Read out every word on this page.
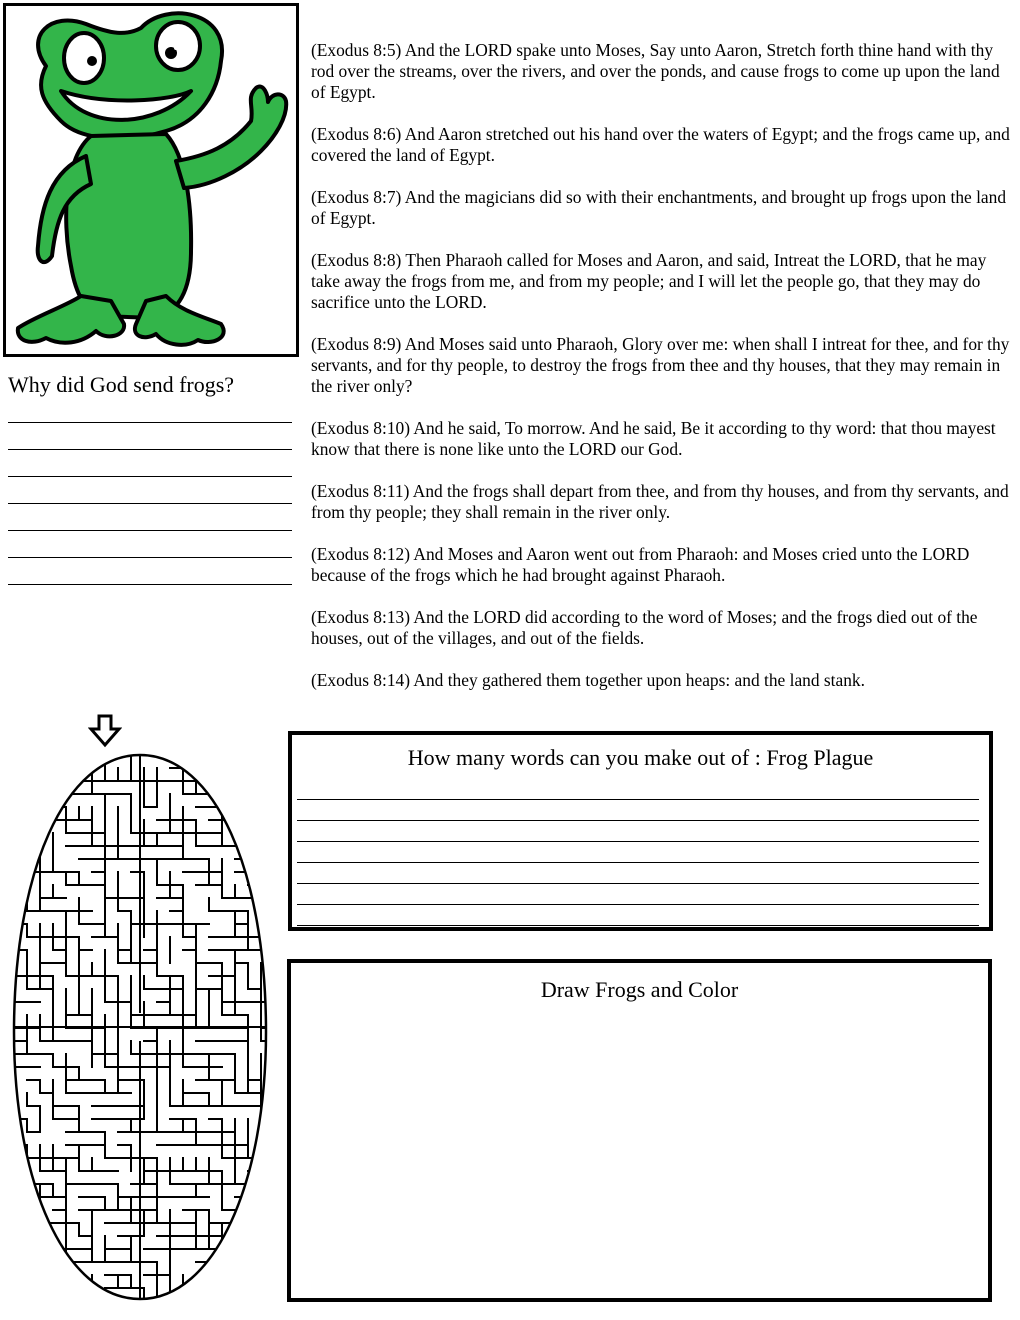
Why did God send frogs?

(Exodus 8:5) And the LORD spake unto Moses, Say unto Aaron, Stretch forth thine hand with thy rod over the streams, over the rivers, and over the ponds, and cause frogs to come up upon the land of Egypt.

(Exodus 8:6) And Aaron stretched out his hand over the waters of Egypt; and the frogs came up, and covered the land of Egypt.

(Exodus 8:7) And the magicians did so with their enchantments, and brought up frogs upon the land of Egypt.

(Exodus 8:8) Then Pharaoh called for Moses and Aaron, and said, Intreat the LORD, that he may take away the frogs from me, and from my people; and I will let the people go, that they may do sacrifice unto the LORD.

(Exodus 8:9) And Moses said unto Pharaoh, Glory over me: when shall I intreat for thee, and for thy servants, and for thy people, to destroy the frogs from thee and thy houses, that they may remain in the river only?

(Exodus 8:10) And he said, To morrow. And he said, Be it according to thy word: that thou mayest know that there is none like unto the LORD our God.

(Exodus 8:11) And the frogs shall depart from thee, and from thy houses, and from thy servants, and from thy people; they shall remain in the river only.

(Exodus 8:12) And Moses and Aaron went out from Pharaoh: and Moses cried unto the LORD because of the frogs which he had brought against Pharaoh.

(Exodus 8:13) And the LORD did according to the word of Moses; and the frogs died out of the houses, out of the villages, and out of the fields.

(Exodus 8:14) And they gathered them together upon heaps: and the land stank.

How many words can you make out of : Frog Plague
Draw Frogs and Color
